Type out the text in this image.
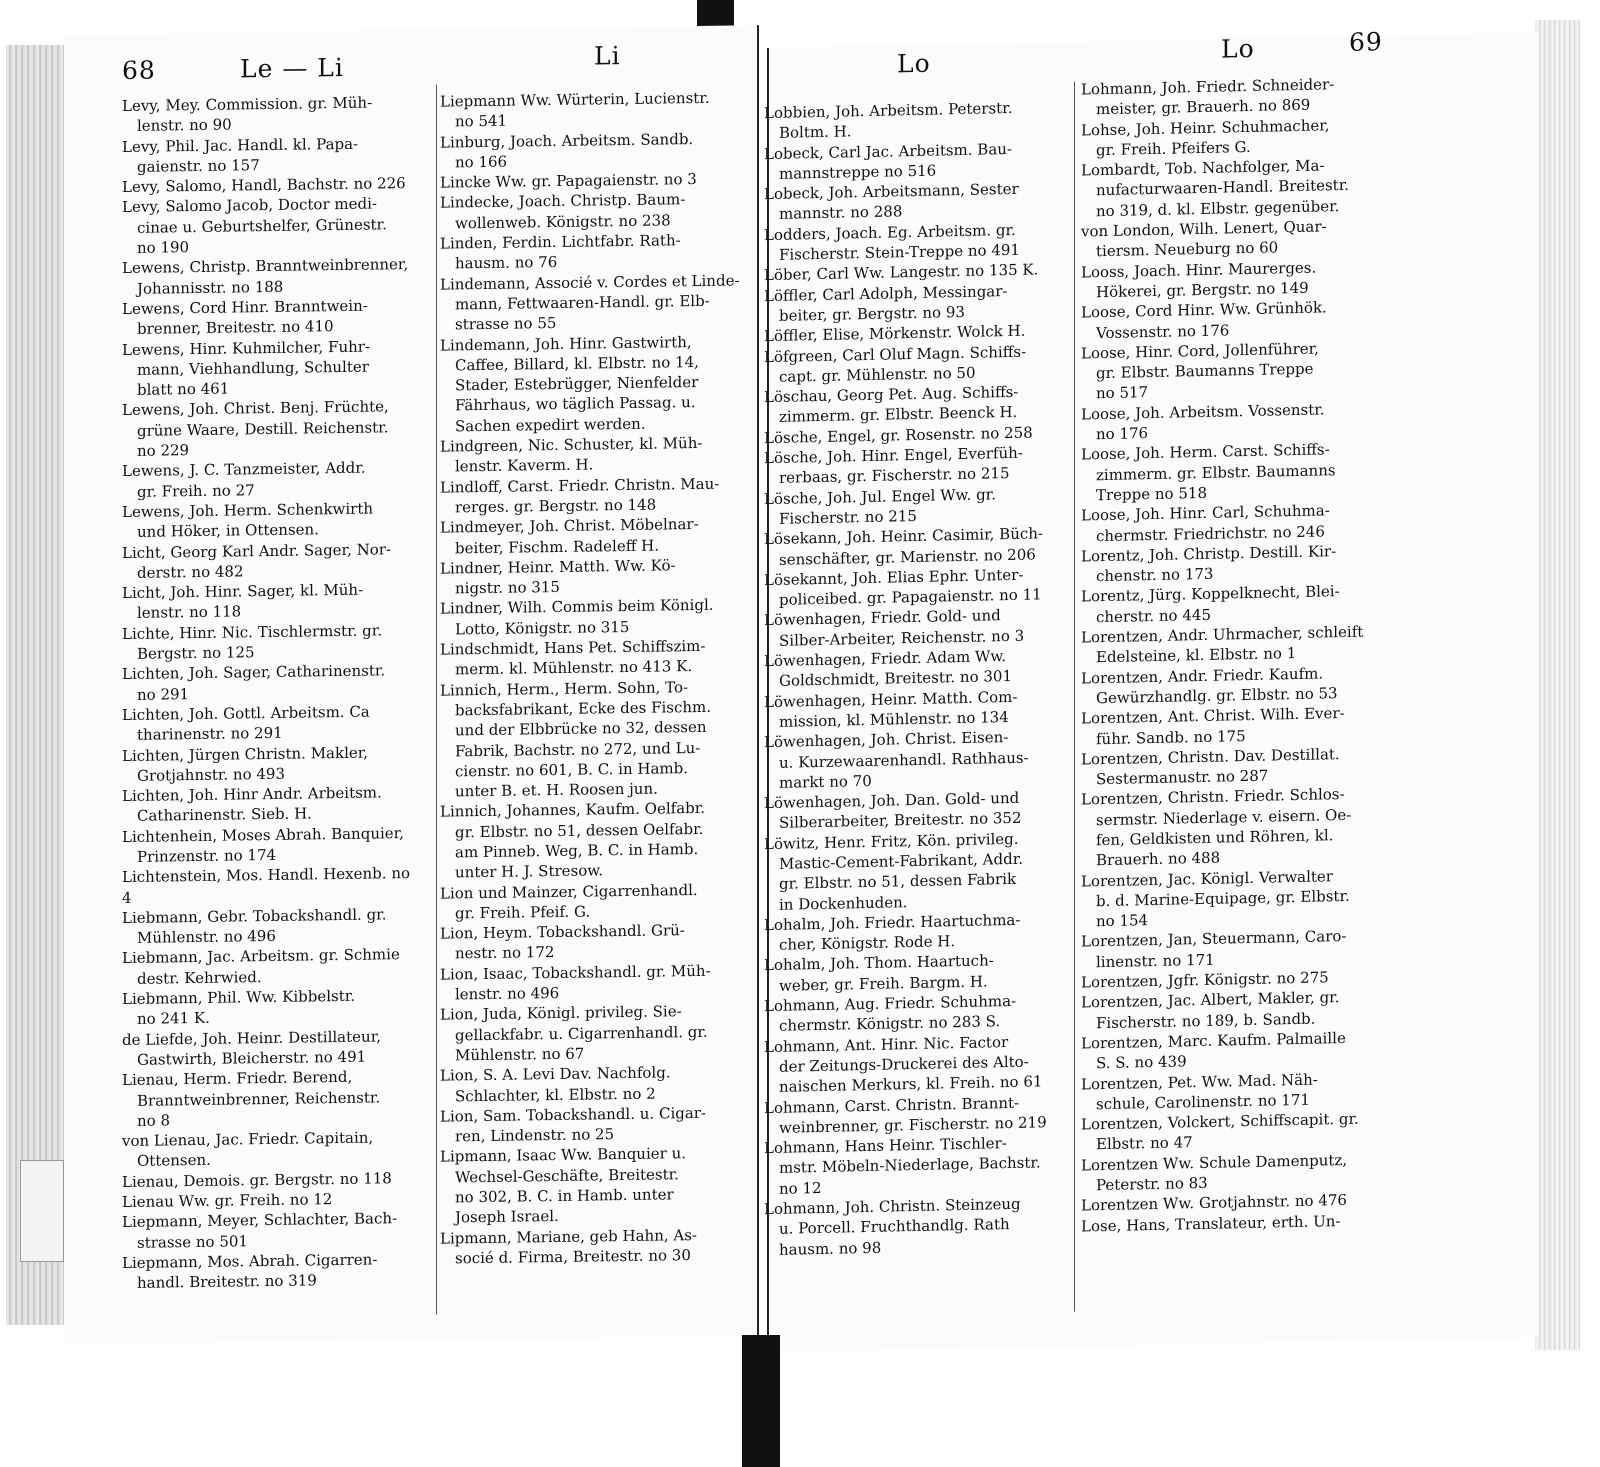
68	Le — Li	Li
Levy, Mey. Commission. gr. Müh-
lenstr. no 90
Levy, Phil. Jac. Handl. kl. Papa-
gaienstr. no 157
Levy, Salomo, Handl, Bachstr. no 226
Levy, Salomo Jacob, Doctor medi-
cinae u. Geburtshelfer, Grünestr.
no 190
Lewens, Christp. Branntweinbrenner,
Johannisstr. no 188
Lewens, Cord Hinr. Branntwein-
brenner, Breitestr. no 410
Lewens, Hinr. Kuhmilcher, Fuhr-
mann, Viehhandlung, Schulter
blatt no 461
Lewens, Joh. Christ. Benj. Früchte,
grüne Waare, Destill. Reichenstr.
no 229
Lewens, J. C. Tanzmeister, Addr.
gr. Freih. no 27
Lewens, Joh. Herm. Schenkwirth
und Höker, in Ottensen.
Licht, Georg Karl Andr. Sager, Nor-
derstr. no 482
Licht, Joh. Hinr. Sager, kl. Müh-
lenstr. no 118
Lichte, Hinr. Nic. Tischlermstr. gr.
Bergstr. no 125
Lichten, Joh. Sager, Catharinenstr.
no 291
Lichten, Joh. Gottl. Arbeitsm. Ca
tharinenstr. no 291
Lichten, Jürgen Christn. Makler,
Grotjahnstr. no 493
Lichten, Joh. Hinr Andr. Arbeitsm.
Catharinenstr. Sieb. H.
Lichtenhein, Moses Abrah. Banquier,
Prinzenstr. no 174
Lichtenstein, Mos. Handl. Hexenb. no 4
Liebmann, Gebr. Tobackshandl. gr.
Mühlenstr. no 496
Liebmann, Jac. Arbeitsm. gr. Schmie
destr. Kehrwied.
Liebmann, Phil. Ww. Kibbelstr.
no 241 K.
de Liefde, Joh. Heinr. Destillateur,
Gastwirth, Bleicherstr. no 491
Lienau, Herm. Friedr. Berend,
Branntweinbrenner, Reichenstr.
no 8
von Lienau, Jac. Friedr. Capitain,
Ottensen.
Lienau, Demois. gr. Bergstr. no 118
Lienau Ww. gr. Freih. no 12
Liepmann, Meyer, Schlachter, Bach-
strasse no 501
Liepmann, Mos. Abrah. Cigarren-
handl. Breitestr. no 319
Liepmann Ww. Würterin, Lucienstr.
no 541
Linburg, Joach. Arbeitsm. Sandb.
no 166
Lincke Ww. gr. Papagaienstr. no 3
Lindecke, Joach. Christp. Baum-
wollenweb. Königstr. no 238
Linden, Ferdin. Lichtfabr. Rath-
hausm. no 76
Lindemann, Associé v. Cordes et Linde-
mann, Fettwaaren-Handl. gr. Elb-
strasse no 55
Lindemann, Joh. Hinr. Gastwirth,
Caffee, Billard, kl. Elbstr. no 14,
Stader, Estebrügger, Nienfelder
Fährhaus, wo täglich Passag. u.
Sachen expedirt werden.
Lindgreen, Nic. Schuster, kl. Müh-
lenstr. Kaverm. H.
Lindloff, Carst. Friedr. Christn. Mau-
rerges. gr. Bergstr. no 148
Lindmeyer, Joh. Christ. Möbelnar-
beiter, Fischm. Radeleff H.
Lindner, Heinr. Matth. Ww. Kö-
nigstr. no 315
Lindner, Wilh. Commis beim Königl.
Lotto, Königstr. no 315
Lindschmidt, Hans Pet. Schiffszim-
merm. kl. Mühlenstr. no 413 K.
Linnich, Herm., Herm. Sohn, To-
backsfabrikant, Ecke des Fischm.
und der Elbbrücke no 32, dessen
Fabrik, Bachstr. no 272, und Lu-
cienstr. no 601, B. C. in Hamb.
unter B. et. H. Roosen jun.
Linnich, Johannes, Kaufm. Oelfabr.
gr. Elbstr. no 51, dessen Oelfabr.
am Pinneb. Weg, B. C. in Hamb.
unter H. J. Stresow.
Lion und Mainzer, Cigarrenhandl.
gr. Freih. Pfeif. G.
Lion, Heym. Tobackshandl. Grü-
nestr. no 172
Lion, Isaac, Tobackshandl. gr. Müh-
lenstr. no 496
Lion, Juda, Königl. privileg. Sie-
gellackfabr. u. Cigarrenhandl. gr.
Mühlenstr. no 67
Lion, S. A. Levi Dav. Nachfolg.
Schlachter, kl. Elbstr. no 2
Lion, Sam. Tobackshandl. u. Cigar-
ren, Lindenstr. no 25
Lipmann, Isaac Ww. Banquier u.
Wechsel-Geschäfte, Breitestr.
no 302, B. C. in Hamb. unter
Joseph Israel.
Lipmann, Mariane, geb Hahn, As-
socié d. Firma, Breitestr. no 30
Lo	Lo	69
Lobbien, Joh. Arbeitsm. Peterstr.
Boltm. H.
Lobeck, Carl Jac. Arbeitsm. Bau-
mannstreppe no 516
Lobeck, Joh. Arbeitsmann, Sester
mannstr. no 288
Lodders, Joach. Eg. Arbeitsm. gr.
Fischerstr. Stein-Treppe no 491
Löber, Carl Ww. Langestr. no 135 K.
Löffler, Carl Adolph, Messingar-
beiter, gr. Bergstr. no 93
Löffler, Elise, Mörkenstr. Wolck H.
Löfgreen, Carl Oluf Magn. Schiffs-
capt. gr. Mühlenstr. no 50
Löschau, Georg Pet. Aug. Schiffs-
zimmerm. gr. Elbstr. Beenck H.
Lösche, Engel, gr. Rosenstr. no 258
Lösche, Joh. Hinr. Engel, Everfüh-
rerbaas, gr. Fischerstr. no 215
Lösche, Joh. Jul. Engel Ww. gr.
Fischerstr. no 215
Lösekann, Joh. Heinr. Casimir, Büch-
senschäfter, gr. Marienstr. no 206
Lösekannt, Joh. Elias Ephr. Unter-
policeibed. gr. Papagaienstr. no 11
Löwenhagen, Friedr. Gold- und
Silber-Arbeiter, Reichenstr. no 3
Löwenhagen, Friedr. Adam Ww.
Goldschmidt, Breitestr. no 301
Löwenhagen, Heinr. Matth. Com-
mission, kl. Mühlenstr. no 134
Löwenhagen, Joh. Christ. Eisen-
u. Kurzewaarenhandl. Rathhaus-
markt no 70
Löwenhagen, Joh. Dan. Gold- und
Silberarbeiter, Breitestr. no 352
Löwitz, Henr. Fritz, Kön. privileg.
Mastic-Cement-Fabrikant, Addr.
gr. Elbstr. no 51, dessen Fabrik
in Dockenhuden.
Lohalm, Joh. Friedr. Haartuchma-
cher, Königstr. Rode H.
Lohalm, Joh. Thom. Haartuch-
weber, gr. Freih. Bargm. H.
Lohmann, Aug. Friedr. Schuhma-
chermstr. Königstr. no 283 S.
Lohmann, Ant. Hinr. Nic. Factor
der Zeitungs-Druckerei des Alto-
naischen Merkurs, kl. Freih. no 61
Lohmann, Carst. Christn. Brannt-
weinbrenner, gr. Fischerstr. no 219
Lohmann, Hans Heinr. Tischler-
mstr. Möbeln-Niederlage, Bachstr.
no 12
Lohmann, Joh. Christn. Steinzeug
u. Porcell. Fruchthandlg. Rath
hausm. no 98
Lohmann, Joh. Friedr. Schneider-
meister, gr. Brauerh. no 869
Lohse, Joh. Heinr. Schuhmacher,
gr. Freih. Pfeifers G.
Lombardt, Tob. Nachfolger, Ma-
nufacturwaaren-Handl. Breitestr.
no 319, d. kl. Elbstr. gegenüber.
von London, Wilh. Lenert, Quar-
tiersm. Neueburg no 60
Looss, Joach. Hinr. Maurerges.
Hökerei, gr. Bergstr. no 149
Loose, Cord Hinr. Ww. Grünhök.
Vossenstr. no 176
Loose, Hinr. Cord, Jollenführer,
gr. Elbstr. Baumanns Treppe
no 517
Loose, Joh. Arbeitsm. Vossenstr.
no 176
Loose, Joh. Herm. Carst. Schiffs-
zimmerm. gr. Elbstr. Baumanns
Treppe no 518
Loose, Joh. Hinr. Carl, Schuhma-
chermstr. Friedrichstr. no 246
Lorentz, Joh. Christp. Destill. Kir-
chenstr. no 173
Lorentz, Jürg. Koppelknecht, Blei-
cherstr. no 445
Lorentzen, Andr. Uhrmacher, schleift
Edelsteine, kl. Elbstr. no 1
Lorentzen, Andr. Friedr. Kaufm.
Gewürzhandlg. gr. Elbstr. no 53
Lorentzen, Ant. Christ. Wilh. Ever-
führ. Sandb. no 175
Lorentzen, Christn. Dav. Destillat.
Sestermanustr. no 287
Lorentzen, Christn. Friedr. Schlos-
sermstr. Niederlage v. eisern. Oe-
fen, Geldkisten und Röhren, kl.
Brauerh. no 488
Lorentzen, Jac. Königl. Verwalter
b. d. Marine-Equipage, gr. Elbstr.
no 154
Lorentzen, Jan, Steuermann, Caro-
linenstr. no 171
Lorentzen, Jgfr. Königstr. no 275
Lorentzen, Jac. Albert, Makler, gr.
Fischerstr. no 189, b. Sandb.
Lorentzen, Marc. Kaufm. Palmaille
S. S. no 439
Lorentzen, Pet. Ww. Mad. Näh-
schule, Carolinenstr. no 171
Lorentzen, Volckert, Schiffscapit. gr.
Elbstr. no 47
Lorentzen Ww. Schule Damenputz,
Peterstr. no 83
Lorentzen Ww. Grotjahnstr. no 476
Lose, Hans, Translateur, erth. Un-
